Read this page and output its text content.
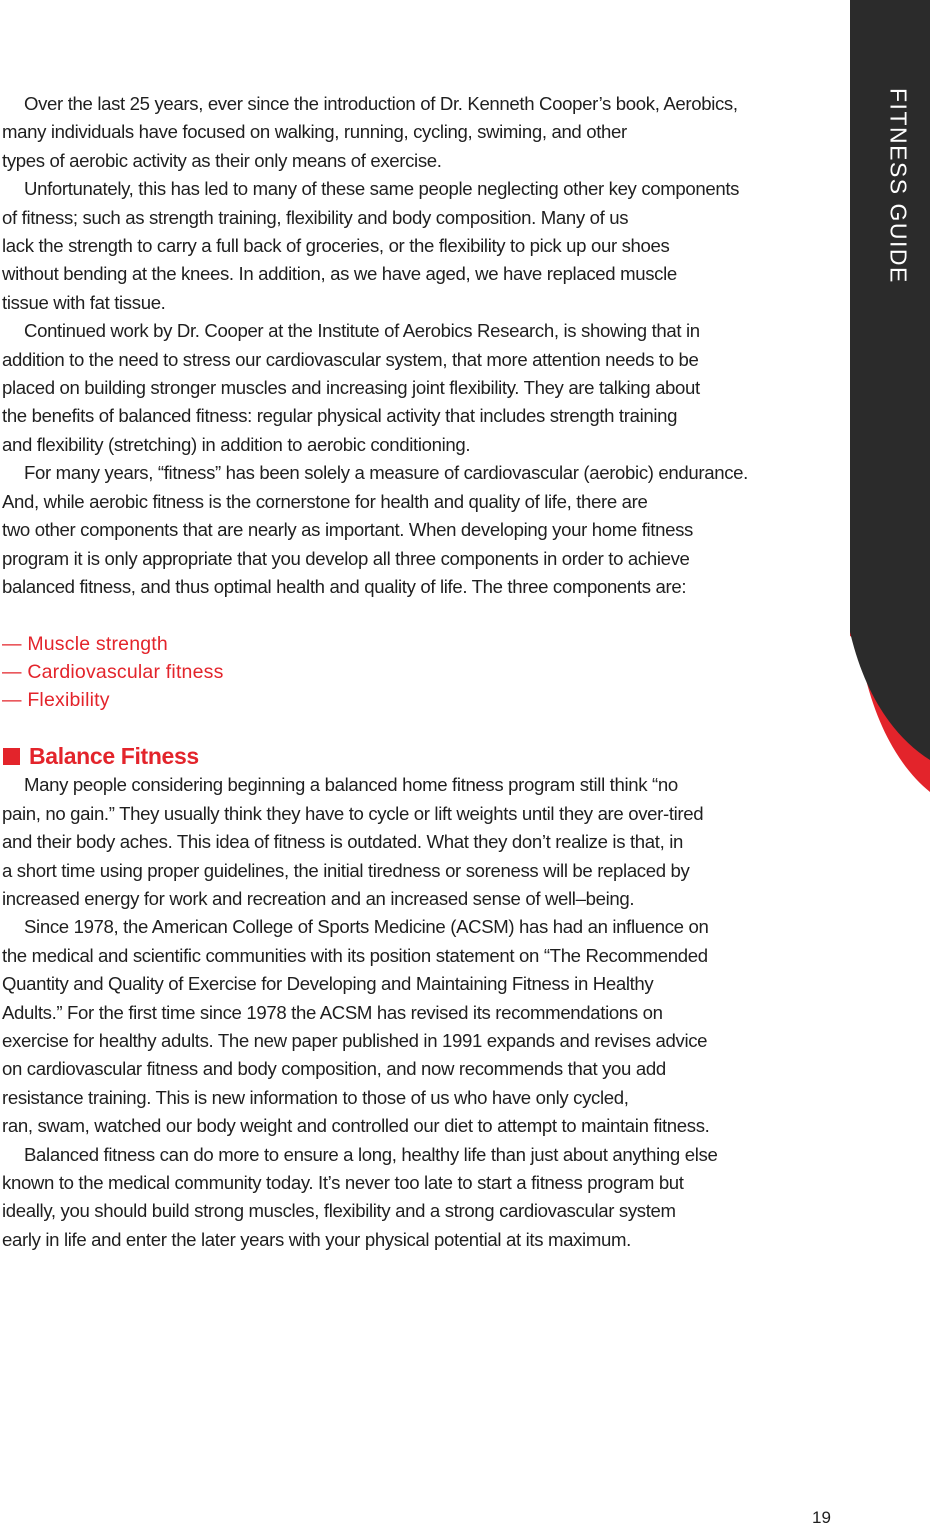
FITNESS GUIDE

Over the last 25 years, ever since the introduction of Dr. Kenneth Cooper’s book, Aerobics,
many individuals have focused on walking, running, cycling, swiming, and other
types of aerobic activity as their only means of exercise.

Unfortunately, this has led to many of these same people neglecting other key components
of fitness; such as strength training, flexibility and body composition. Many of us
lack the strength to carry a full back of groceries, or the flexibility to pick up our shoes
without bending at the knees. In addition, as we have aged, we have replaced muscle
tissue with fat tissue.

Continued work by Dr. Cooper at the Institute of Aerobics Research, is showing that in
addition to the need to stress our cardiovascular system, that more attention needs to be
placed on building stronger muscles and increasing joint flexibility. They are talking about
the benefits of balanced fitness: regular physical activity that includes strength training
and flexibility (stretching) in addition to aerobic conditioning.

For many years, “fitness” has been solely a measure of cardiovascular (aerobic) endurance.
And, while aerobic fitness is the cornerstone for health and quality of life, there are
two other components that are nearly as important. When developing your home fitness
program it is only appropriate that you develop all three components in order to achieve
balanced fitness, and thus optimal health and quality of life. The three components are:

— Muscle strength
— Cardiovascular fitness
— Flexibility
Balance Fitness

Many people considering beginning a balanced home fitness program still think “no
pain, no gain.” They usually think they have to cycle or lift weights until they are over-tired
and their body aches. This idea of fitness is outdated. What they don’t realize is that, in
a short time using proper guidelines, the initial tiredness or soreness will be replaced by
increased energy for work and recreation and an increased sense of well–being.

Since 1978, the American College of Sports Medicine (ACSM) has had an influence on
the medical and scientific communities with its position statement on “The Recommended
Quantity and Quality of Exercise for Developing and Maintaining Fitness in Healthy
Adults.” For the first time since 1978 the ACSM has revised its recommendations on
exercise for healthy adults. The new paper published in 1991 expands and revises advice
on cardiovascular fitness and body composition, and now recommends that you add
resistance training. This is new information to those of us who have only cycled,
ran, swam, watched our body weight and controlled our diet to attempt to maintain fitness.

Balanced fitness can do more to ensure a long, healthy life than just about anything else
known to the medical community today. It’s never too late to start a fitness program but
ideally, you should build strong muscles, flexibility and a strong cardiovascular system
early in life and enter the later years with your physical potential at its maximum.

19
